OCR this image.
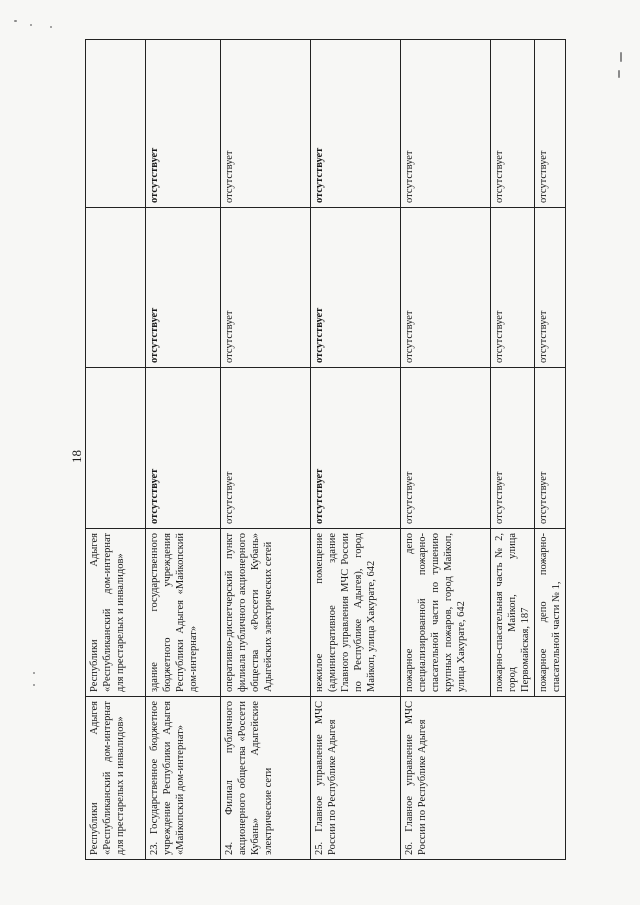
18
Республики Адыгея «Республиканский дом-интернат для престарелых и инвалидов»	Республики Адыгея «Республиканский дом-интернат для престарелых и инвалидов»			
23. Государственное бюджетное учреждение Республики Адыгея «Майкопский дом-интернат»	здание государственного бюджетного учреждения Республики Адыгея «Майкопский дом-интернат»	отсутствует	отсутствует	отсутствует
24. Филиал публичного акционерного общества «Россети Кубань» Адыгейские электрические сети	оперативно-диспетчерский пункт филиала публичного акционерного общества «Россети Кубань» Адыгейских электрических сетей	отсутствует	отсутствует	отсутствует
25. Главное управление МЧС России по Республике Адыгея	нежилое помещение (административное здание Главного управления МЧС России по Республике Адыгея), город Майкоп, улица Хакурате, 642	отсутствует	отсутствует	отсутствует
26. Главное управление МЧС России по Республике Адыгея	пожарное депо специализированной пожарно-спасательной части по тушению крупных пожаров, город Майкоп, улица Хакурате, 642	отсутствует	отсутствует	отсутствует
	пожарно-спасательная часть № 2, город Майкоп, улица Первомайская, 187	отсутствует	отсутствует	отсутствует
	пожарное депо пожарно-спасательной части № 1,	отсутствует	отсутствует	отсутствует
